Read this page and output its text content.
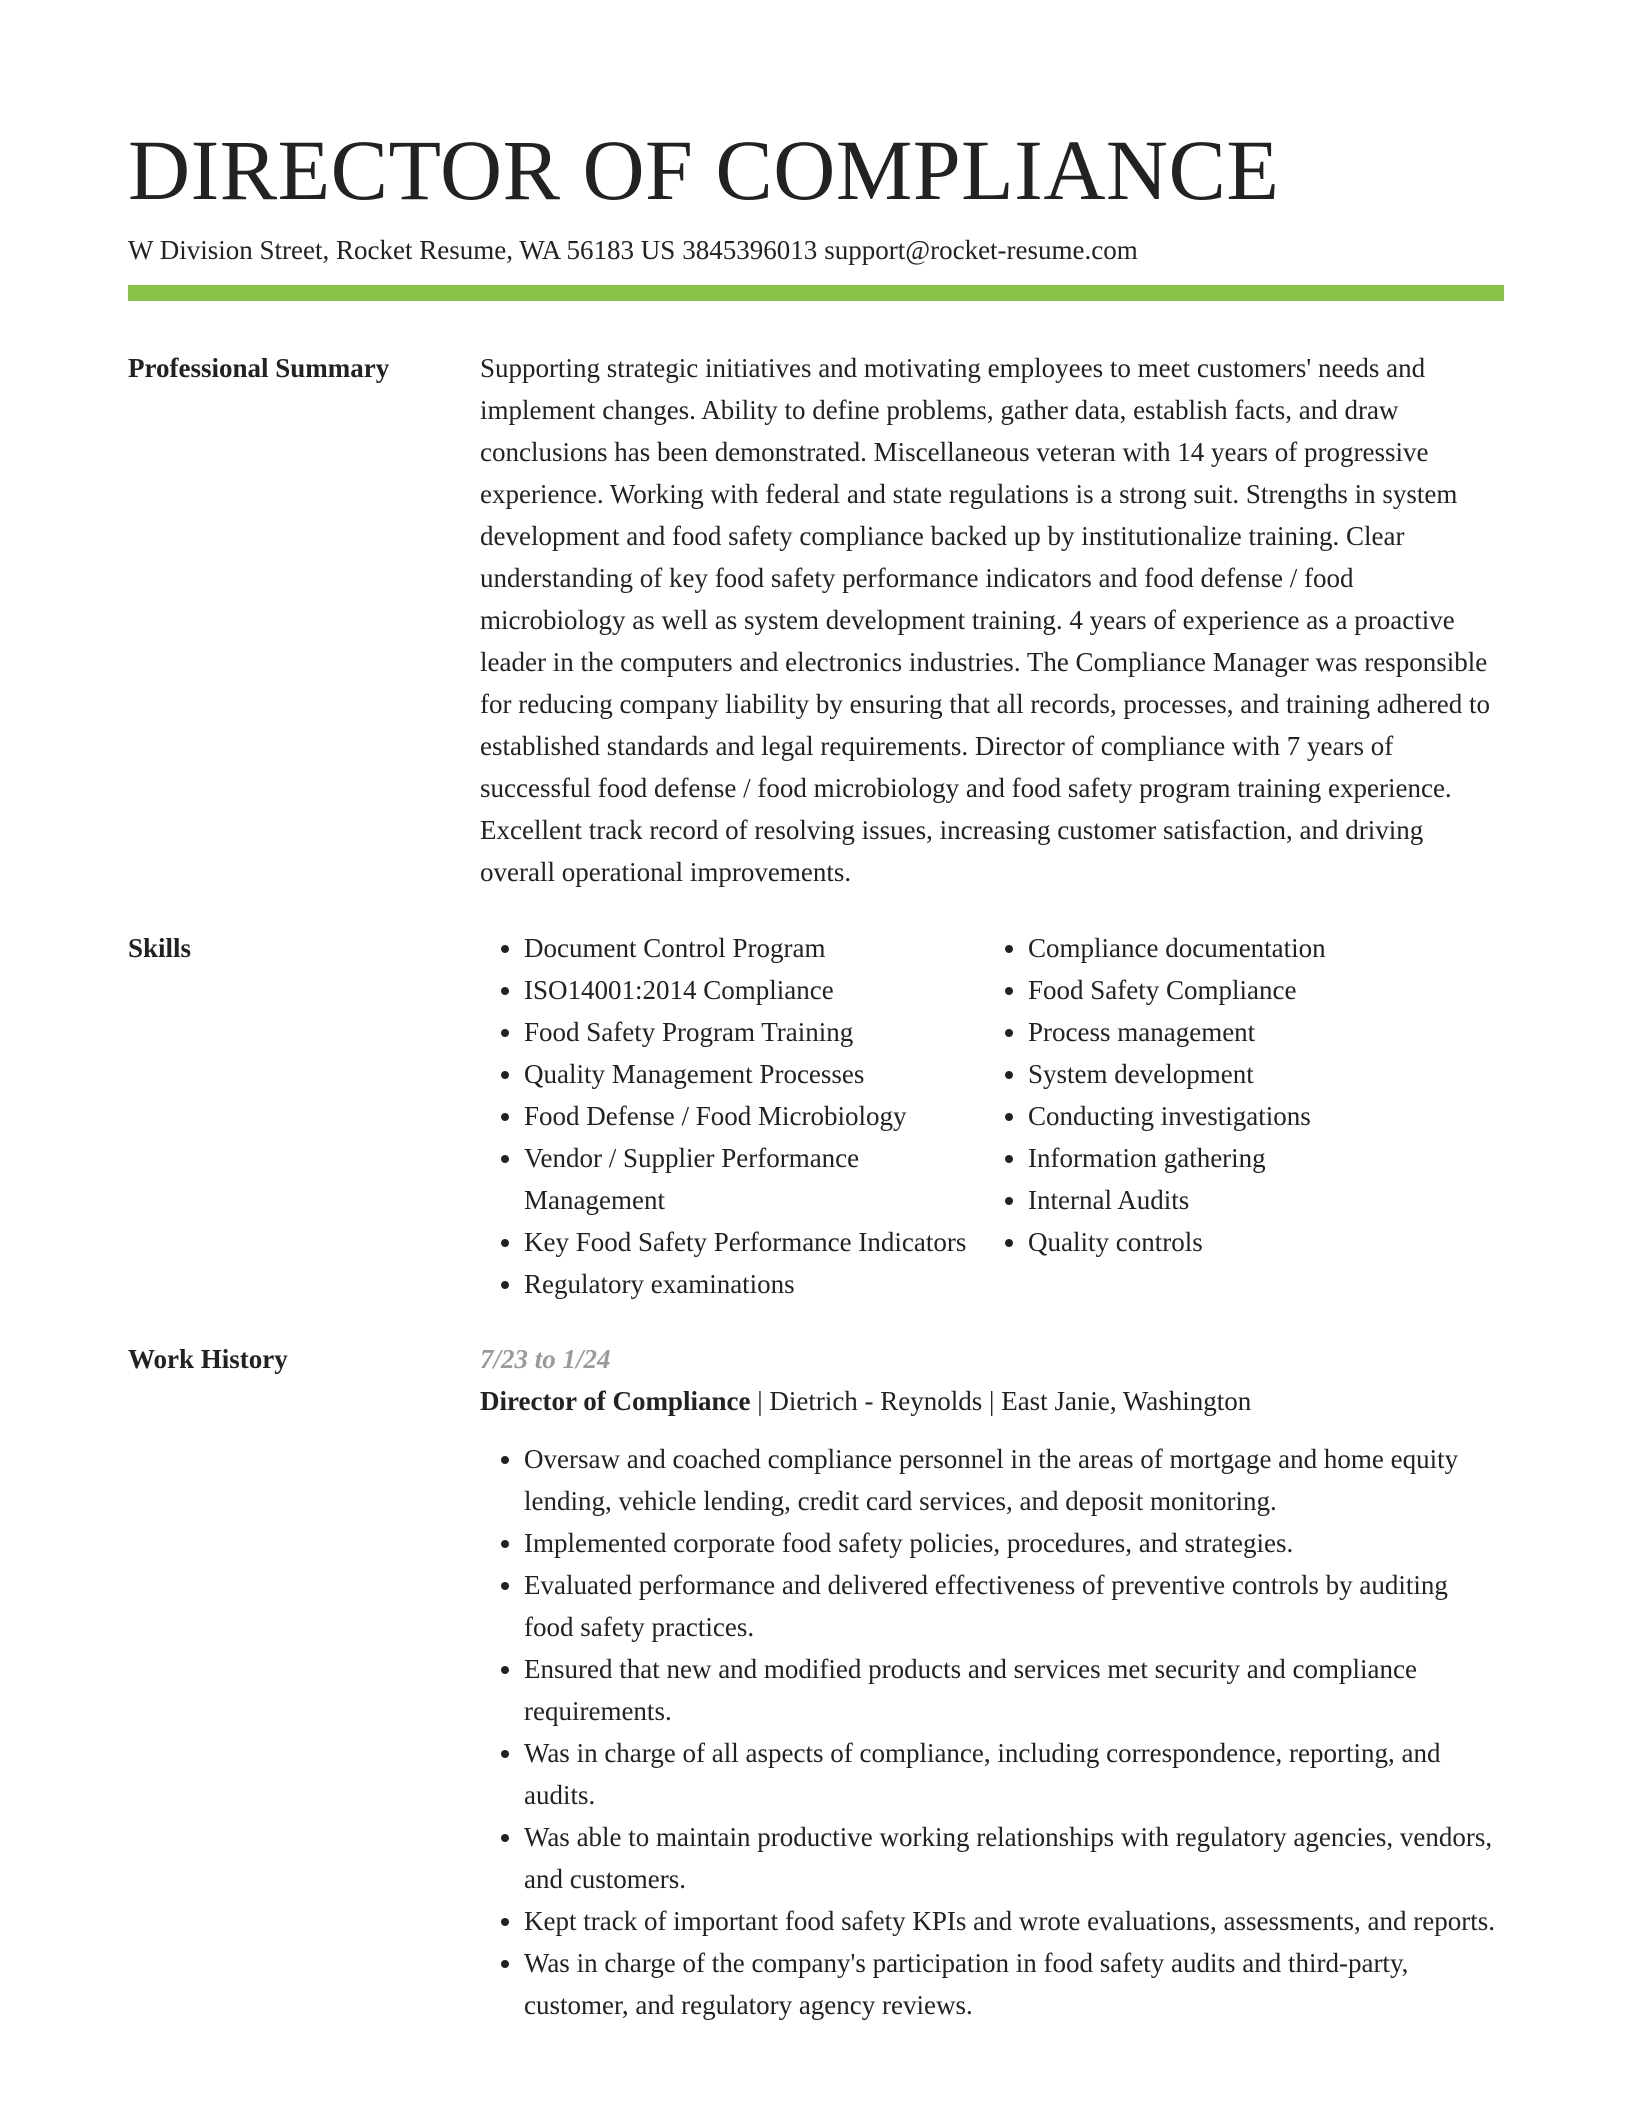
DIRECTOR OF COMPLIANCE
W Division Street, Rocket Resume, WA 56183 US 3845396013 support@rocket-resume.com
Professional Summary	Supporting strategic initiatives and motivating employees to meet customers' needs and implement changes. Ability to define problems, gather data, establish facts, and draw conclusions has been demonstrated. Miscellaneous veteran with 14 years of progressive experience. Working with federal and state regulations is a strong suit. Strengths in system development and food safety compliance backed up by institutionalize training. Clear understanding of key food safety performance indicators and food defense / food microbiology as well as system development training. 4 years of experience as a proactive leader in the computers and electronics industries. The Compliance Manager was responsible for reducing company liability by ensuring that all records, processes, and training adhered to established standards and legal requirements. Director of compliance with 7 years of successful food defense / food microbiology and food safety program training experience. Excellent track record of resolving issues, increasing customer satisfaction, and driving overall operational improvements.

Skills
•	Document Control Program
• ISO14001:2014 Compliance
• Food Safety Program Training
• Quality Management Processes
• Food Defense / Food Microbiology
• Vendor / Supplier Performance Management
• Key Food Safety Performance Indicators
• Regulatory examinations
• Compliance documentation
• Food Safety Compliance
• Process management
• System development
• Conducting investigations
• Information gathering
• Internal Audits
• Quality controls
Work History	7/23 to 1/24
Director of Compliance | Dietrich - Reynolds | East Janie, Washington
• Oversaw and coached compliance personnel in the areas of mortgage and home equity lending, vehicle lending, credit card services, and deposit monitoring.
• Implemented corporate food safety policies, procedures, and strategies.
• Evaluated performance and delivered effectiveness of preventive controls by auditing food safety practices.
• Ensured that new and modified products and services met security and compliance requirements.
• Was in charge of all aspects of compliance, including correspondence, reporting, and audits.
• Was able to maintain productive working relationships with regulatory agencies, vendors, and customers.
• Kept track of important food safety KPIs and wrote evaluations, assessments, and reports.
• Was in charge of the company's participation in food safety audits and third-party, customer, and regulatory agency reviews.
